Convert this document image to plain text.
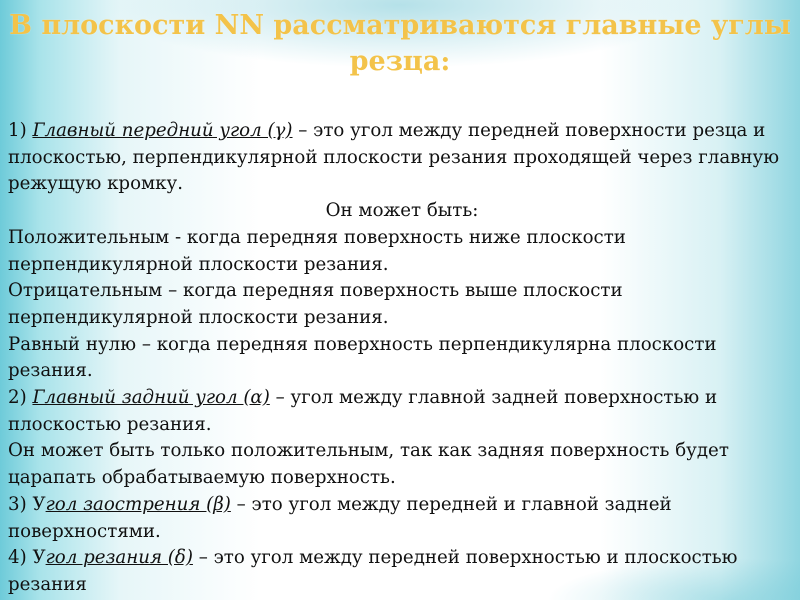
В плоскости NN рассматриваются главные углы
резца:

1) Главный передний угол (γ) – это угол между передней поверхности резца и плоскостью, перпендикулярной плоскости резания проходящей через главную режущую кромку.

Он может быть:

Положительным - когда передняя поверхность ниже плоскости перпендикулярной плоскости резания.

Отрицательным – когда передняя поверхность выше плоскости перпендикулярной плоскости резания.

Равный нулю – когда передняя поверхность перпендикулярна плоскости резания.

2) Главный задний угол (α) – угол между главной задней поверхностью и плоскостью резания.

Он может быть только положительным, так как задняя поверхность будет царапать обрабатываемую поверхность.

3) Угол заострения (β) – это угол между передней и главной задней поверхностями.

4) Угол резания (δ) – это угол между передней поверхностью и плоскостью резания
